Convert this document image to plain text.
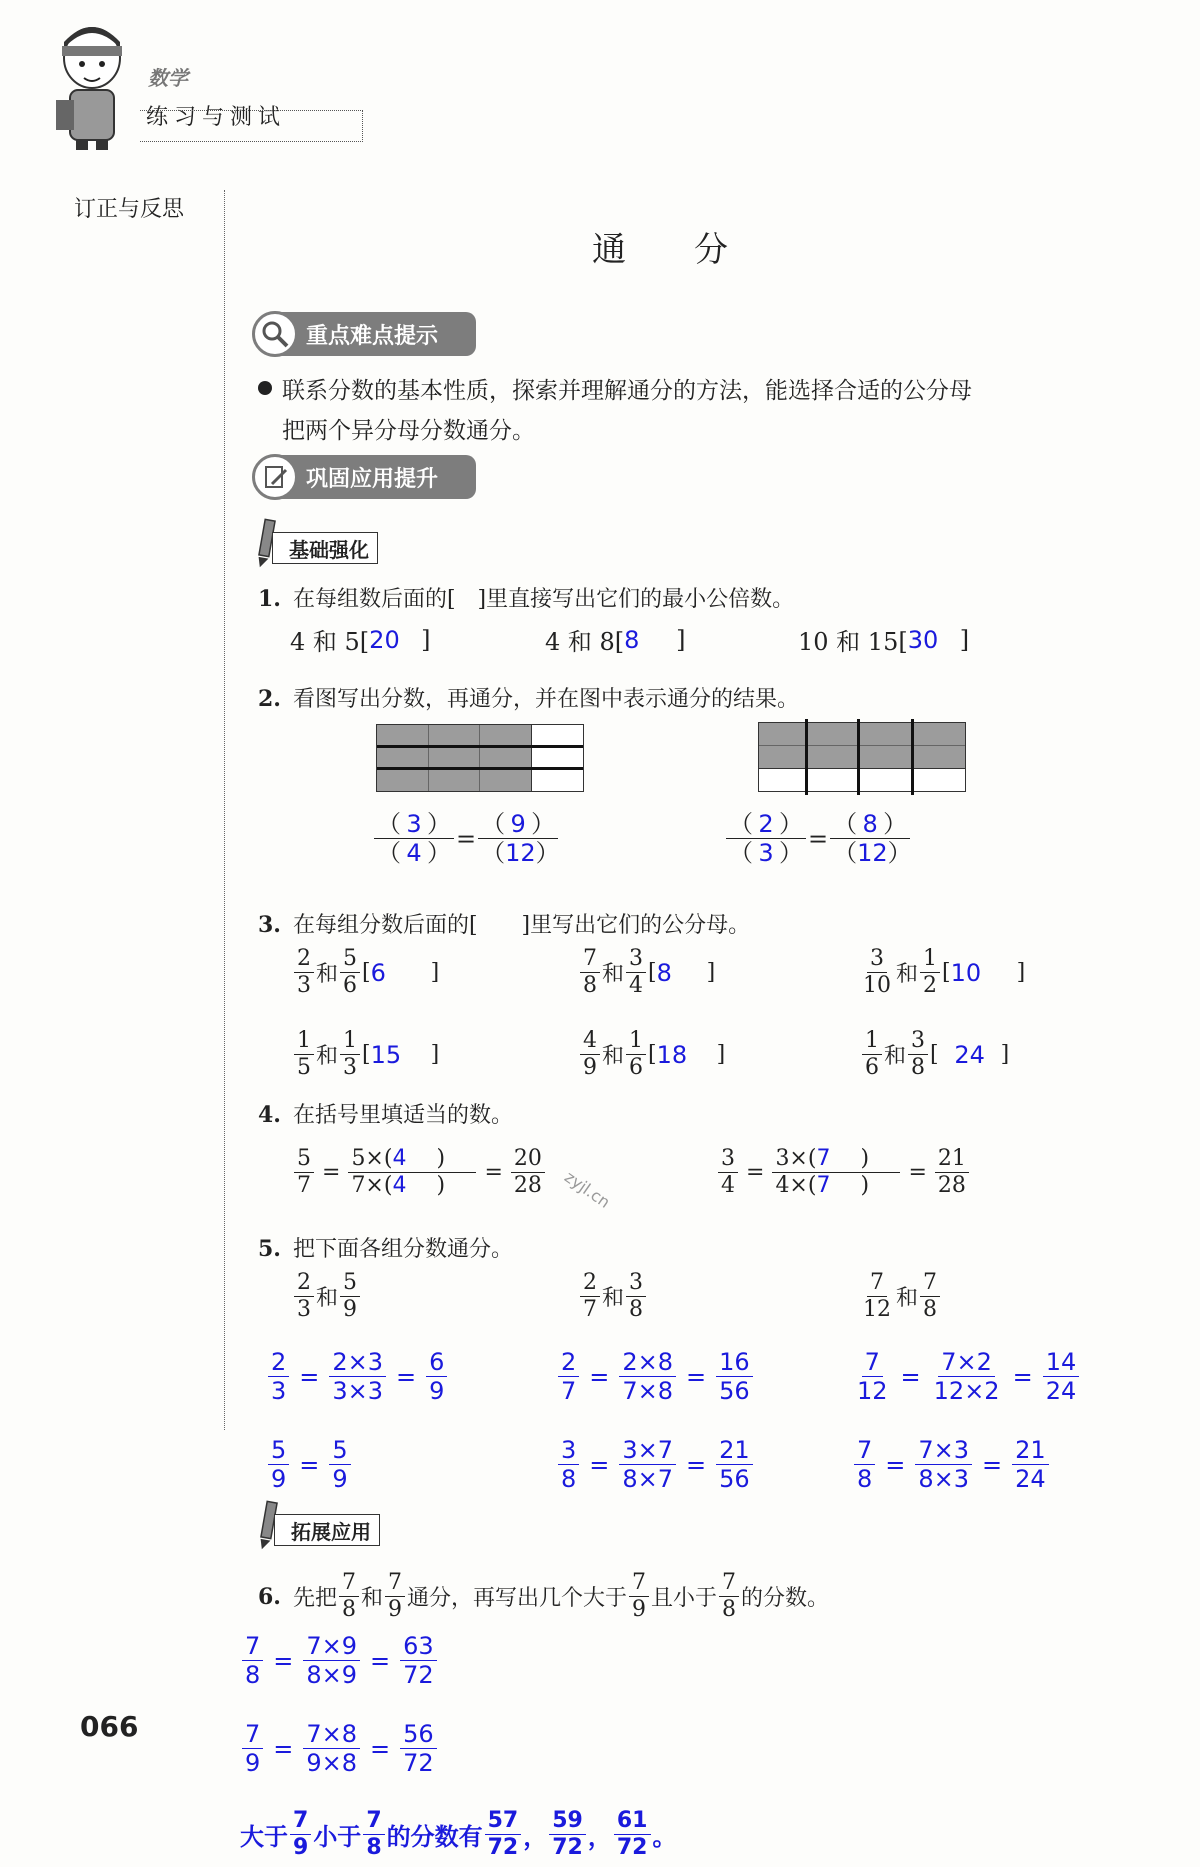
数学
练习与测试
订正与反思
通　　分
重点难点提示
联系分数的基本性质，探索并理解通分的方法，能选择合适的公分母
把两个异分母分数通分。
巩固应用提升
基础强化
1. 在每组数后面的[　]里直接写出它们的最小公倍数。
4 和 5[ 20 ]	4 和 8[ 8	]	10 和 15[ 30 ]
2. 看图写出分数，再通分，并在图中表示通分的结果。
$\frac{( 3 )}{( 4 )} = \frac{( 9 )}{( 12 )}$	$\frac{( 2 )}{( 3 )} = \frac{( 8 )}{( 12 )}$
3. 在每组分数后面的[　　]里写出它们的公分母。
$\frac{2}{3}$ 和 $\frac{5}{6}$ [ 6	]	$\frac{7}{8}$ 和 $\frac{3}{4}$ [ 8	]	$\frac{3}{10}$ 和 $\frac{1}{2}$ [ 10	]
$\frac{1}{5}$ 和 $\frac{1}{3}$ [ 15	]	$\frac{4}{9}$ 和 $\frac{1}{6}$ [ 18	]	$\frac{1}{6}$ 和 $\frac{3}{8}$ [ 24 ]
4. 在括号里填适当的数。
$\frac{5}{7} = \frac{5\times(4 )}{7\times(4 )} = \frac{20}{28}$ zyjl.cn	$\frac{3}{4} = \frac{3\times(7 )}{4\times(7 )} = \frac{21}{28}$
5. 把下面各组分数通分。
$\frac{2}{3}$ 和 $\frac{5}{9}$	$\frac{2}{7}$ 和 $\frac{3}{8}$	$\frac{7}{12}$ 和 $\frac{7}{8}$
$\frac{2}{3} = \frac{2\times 3}{3\times 3} = \frac{6}{9}$	$\frac{2}{7} = \frac{2\times 8}{7\times 8} = \frac{16}{56}$	$\frac{7}{12} = \frac{7\times 2}{12\times 2} = \frac{14}{24}$
$\frac{5}{9} = \frac{5}{9}$	$\frac{3}{8} = \frac{3\times 7}{8\times 7} = \frac{21}{56}$	$\frac{7}{8} = \frac{7\times 3}{8\times 3} = \frac{21}{24}$
拓展应用
6. 先把 $\frac{7}{8}$ 和 $\frac{7}{9}$ 通分，再写出几个大于 $\frac{7}{9}$ 且小于 $\frac{7}{8}$ 的分数。
$\frac{7}{8} = \frac{7\times 9}{8\times 9} = \frac{63}{72}$
$\frac{7}{9} = \frac{7\times 8}{9\times 8} = \frac{56}{72}$
066
大于 $\frac{7}{9}$ 小于 $\frac{7}{8}$ 的分数有 $\frac{57}{72}$ ， $\frac{59}{72}$ ， $\frac{61}{72}$ 。
